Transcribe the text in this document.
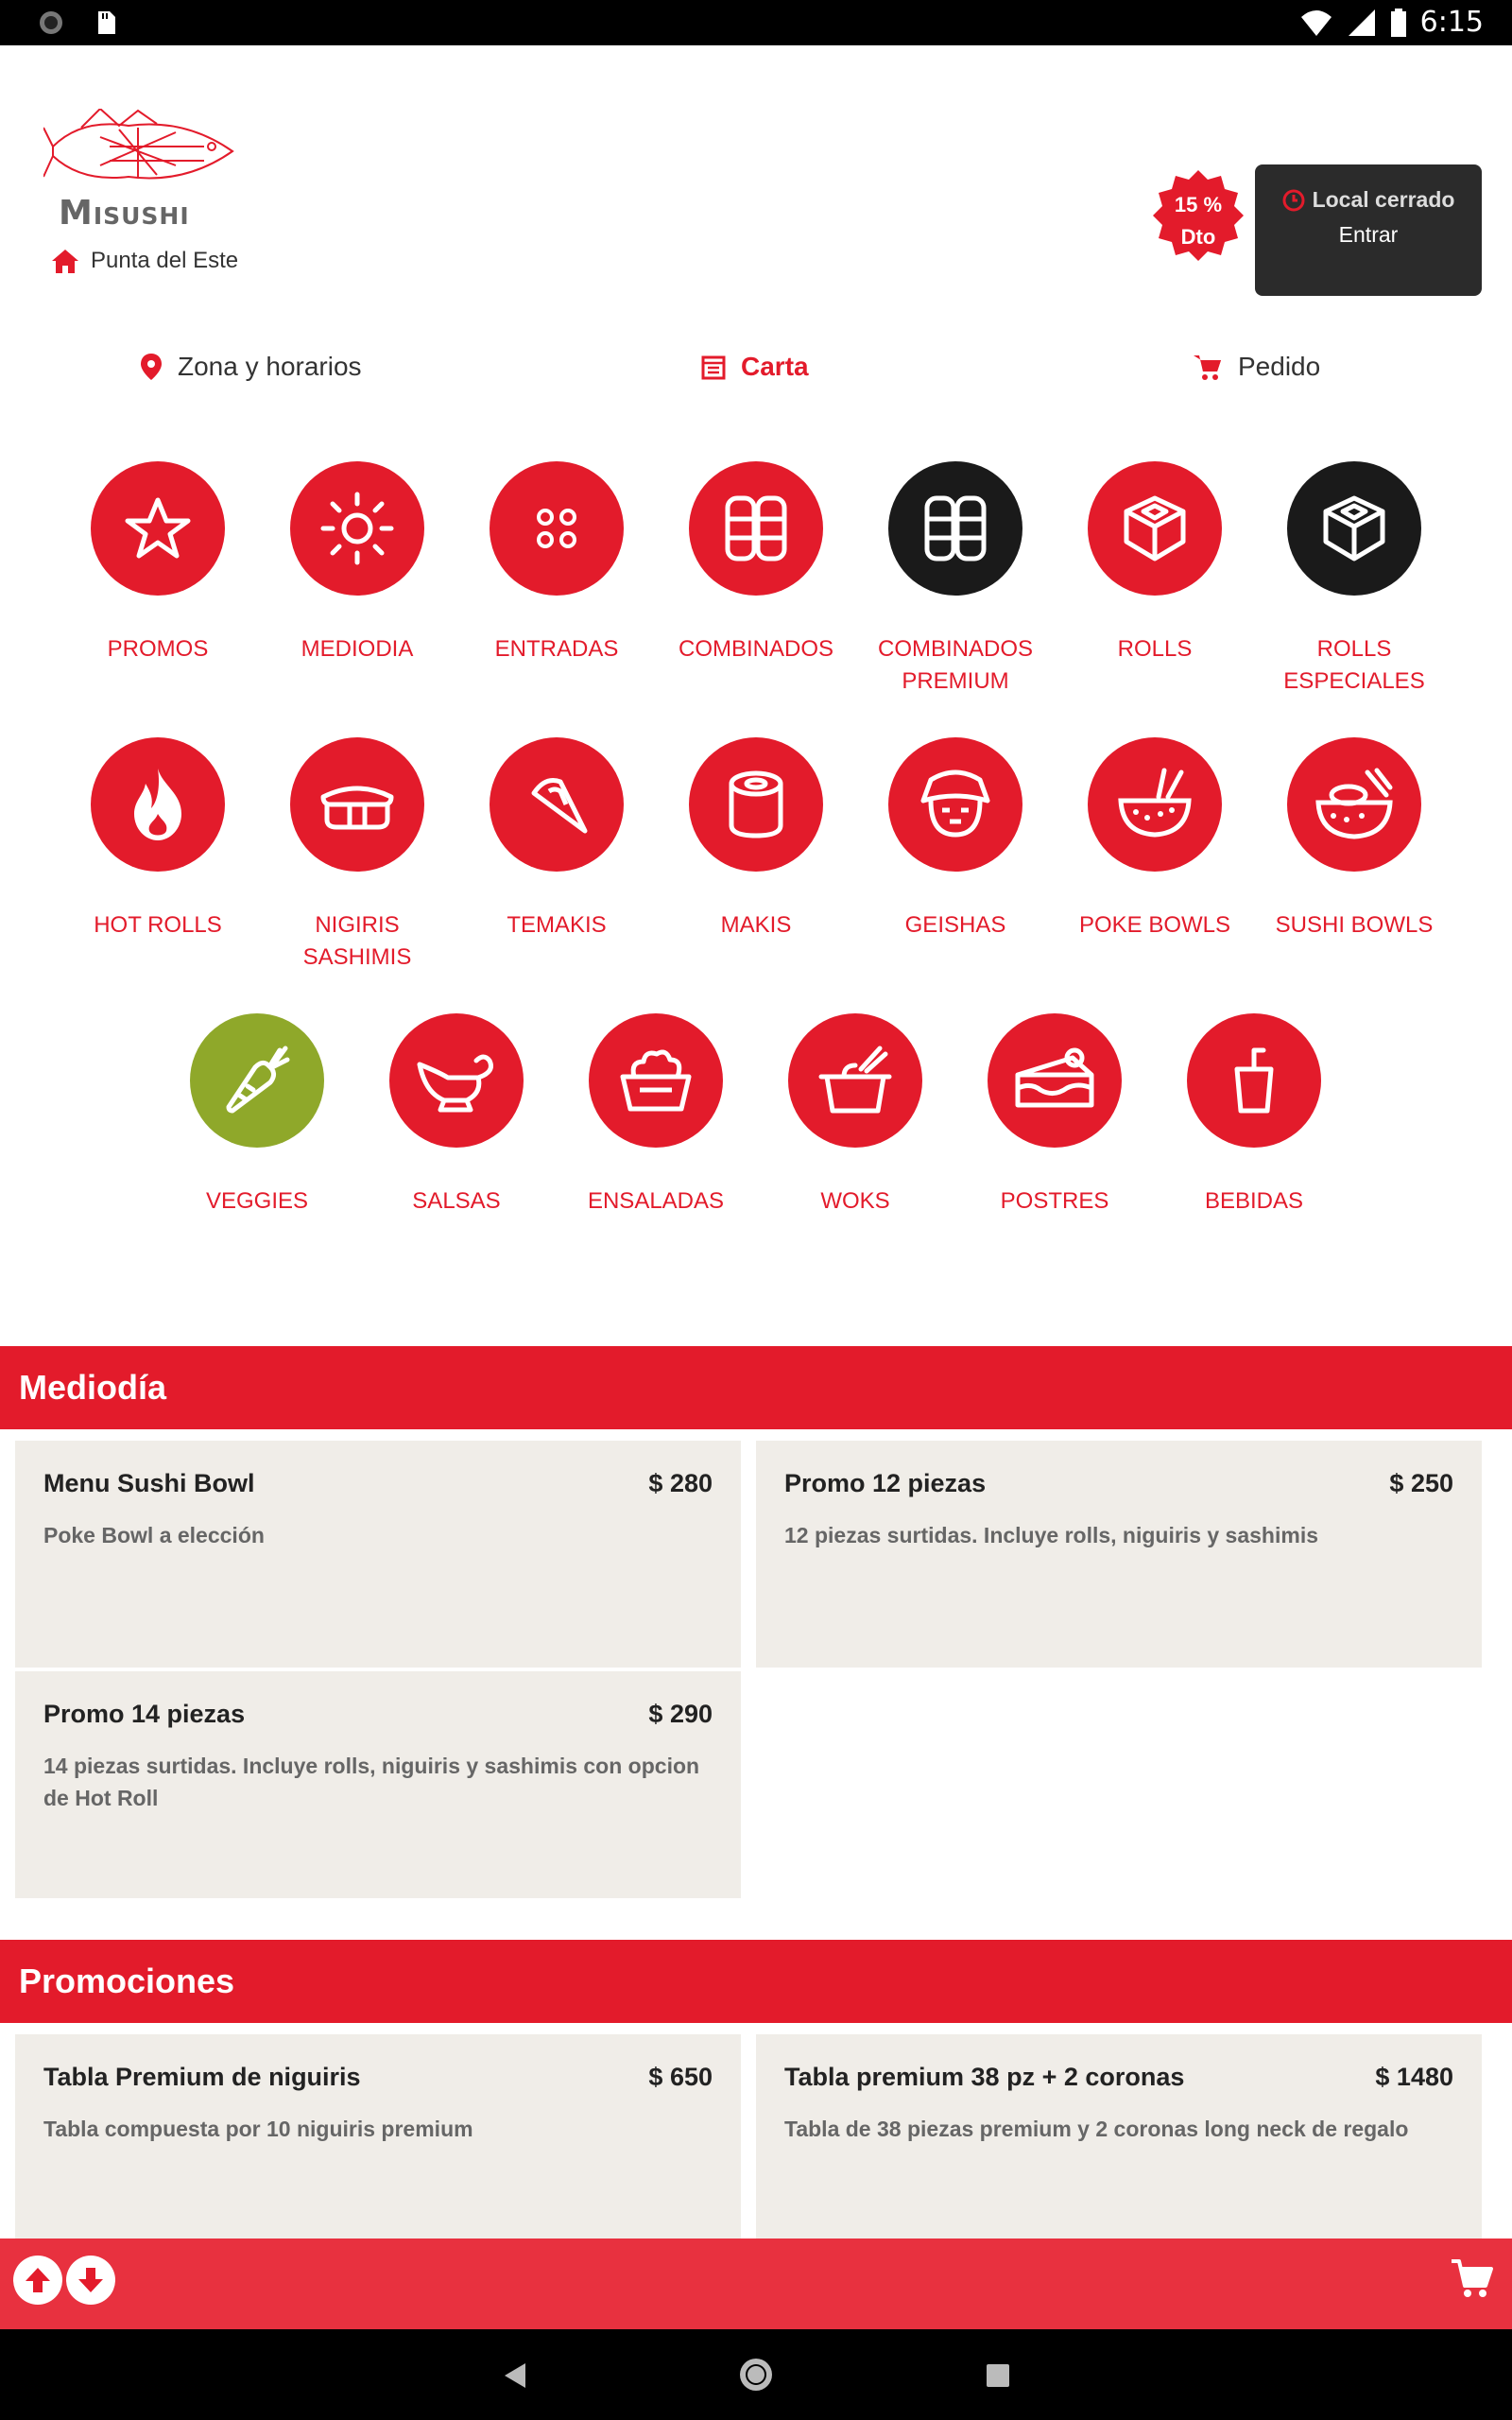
6:15
Misushi
Punta del Este
15 %
Dto
Local cerrado
Entrar
Zona y horarios	Carta	Pedido
PROMOS	MEDIODIA	ENTRADAS	COMBINADOS	COMBINADOS PREMIUM
ROLLS	ROLLS ESPECIALES
HOT ROLLS	NIGIRIS SASHIMIS
TEMAKIS	MAKIS	GEISHAS	POKE BOWLS	SUSHI BOWLS
VEGGIES	SALSAS	ENSALADAS	WOKS	POSTRES	BEBIDAS
Mediodía
Menu Sushi Bowl	$ 280
Poke Bowl a elección
Promo 12 piezas	$ 250
12 piezas surtidas. Incluye rolls, niguiris y sashimis
Promo 14 piezas	$ 290
14 piezas surtidas. Incluye rolls, niguiris y sashimis con opcion de Hot Roll
Promociones
Tabla Premium de niguiris	$ 650
Tabla compuesta por 10 niguiris premium
Tabla premium 38 pz + 2 coronas	$ 1480
Tabla de 38 piezas premium y 2 coronas long neck de regalo
